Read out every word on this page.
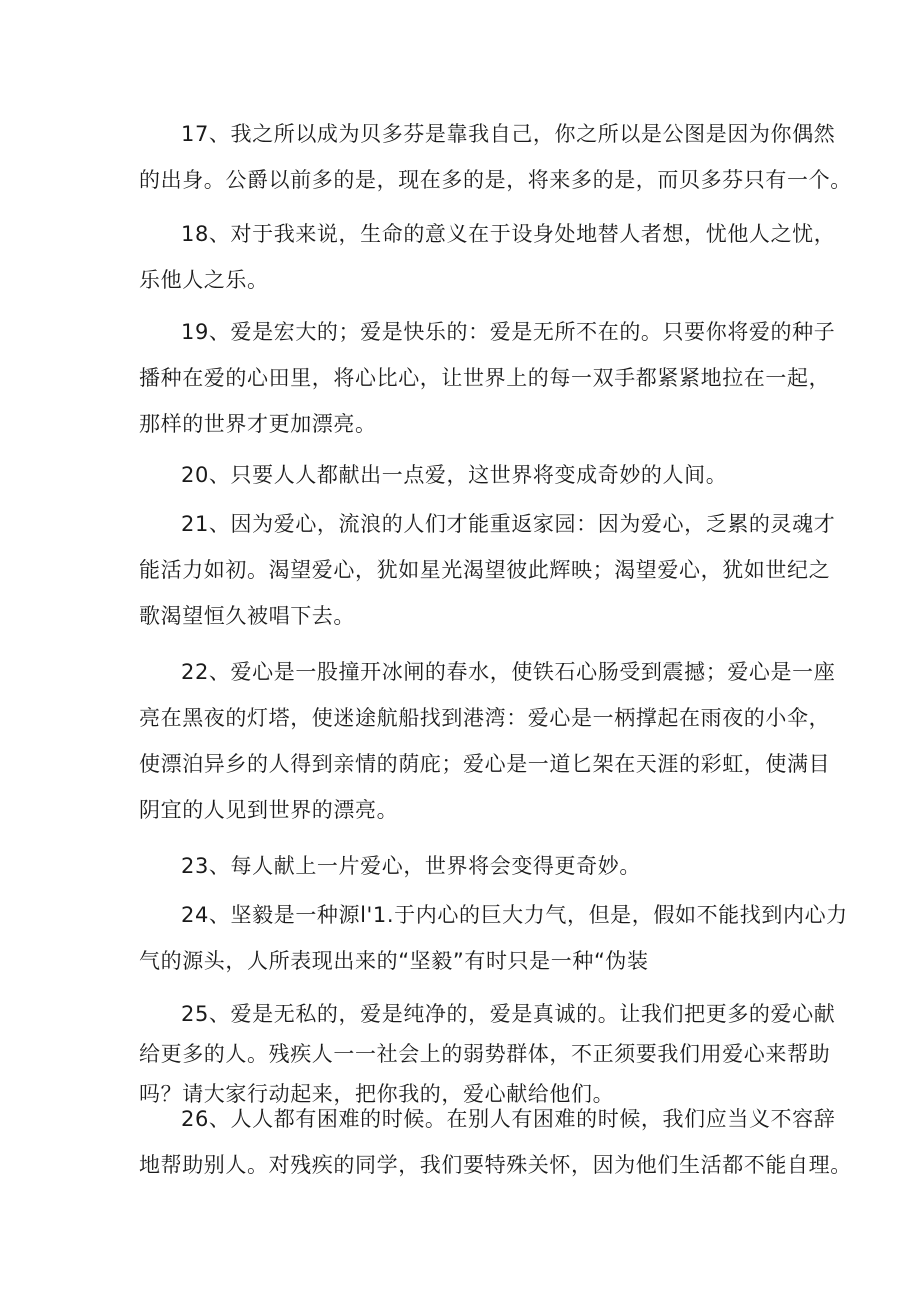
17、我之所以成为贝多芬是靠我自己，你之所以是公图是因为你偶然
的出身。公爵以前多的是，现在多的是，将来多的是，而贝多芬只有一个。
18、对于我来说，生命的意义在于设身处地替人者想，忧他人之忧，
乐他人之乐。
19、爱是宏大的；爱是快乐的：爱是无所不在的。只要你将爱的种子
播种在爱的心田里，将心比心，让世界上的每一双手都紧紧地拉在一起，
那样的世界才更加漂亮。
20、只要人人都献出一点爱，这世界将变成奇妙的人间。
21、因为爱心，流浪的人们才能重返家园：因为爱心，乏累的灵魂才
能活力如初。渴望爱心，犹如星光渴望彼此辉映；渴望爱心，犹如世纪之
歌渴望恒久被唱下去。
22、爱心是一股撞开冰闸的春水，使铁石心肠受到震撼；爱心是一座
亮在黑夜的灯塔，使迷途航船找到港湾：爱心是一柄撑起在雨夜的小伞，
使漂泊异乡的人得到亲情的荫庇；爱心是一道匕架在天涯的彩虹，使满目
阴宜的人见到世界的漂亮。
23、每人献上一片爱心，世界将会变得更奇妙。
24、坚毅是一种源l'1.于内心的巨大力气，但是，假如不能找到内心力
气的源头，人所表现出来的“坚毅”有时只是一种“伪装
25、爱是无私的，爱是纯净的，爱是真诚的。让我们把更多的爱心献
给更多的人。残疾人一一社会上的弱势群体，不正须要我们用爱心来帮助
吗？请大家行动起来，把你我的，爱心献给他们。
26、人人都有困难的时候。在别人有困难的时候，我们应当义不容辞
地帮助别人。对残疾的同学，我们要特殊关怀，因为他们生活都不能自理。
